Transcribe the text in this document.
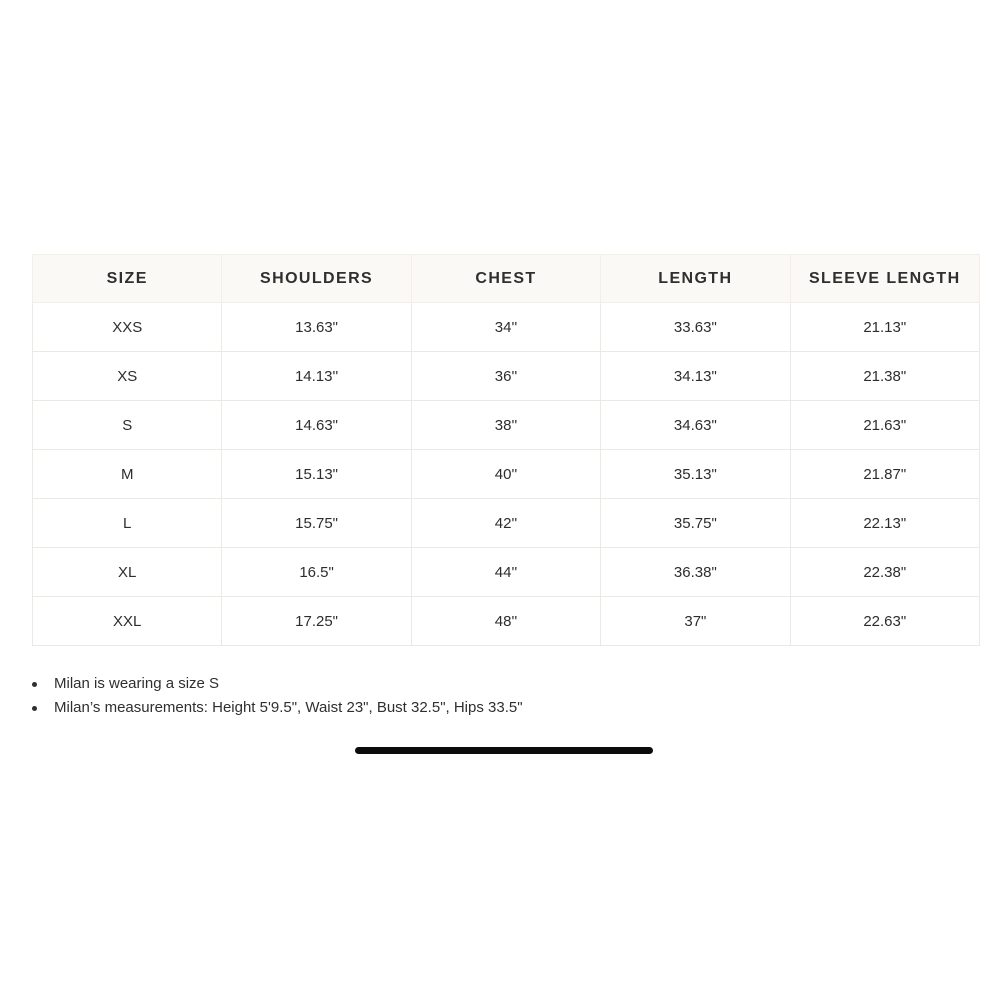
SIZE	SHOULDERS	CHEST	LENGTH	SLEEVE LENGTH
XXS	13.63"	34''	33.63"	21.13"
XS	14.13''	36''	34.13"	21.38"
S	14.63"	38''	34.63"	21.63"
M	15.13"	40''	35.13"	21.87"
L	15.75"	42''	35.75"	22.13"
XL	16.5"	44''	36.38"	22.38"
XXL	17.25"	48''	37"	22.63"
Milan is wearing a size S
Milan’s measurements: Height 5'9.5", Waist 23", Bust 32.5", Hips 33.5"
